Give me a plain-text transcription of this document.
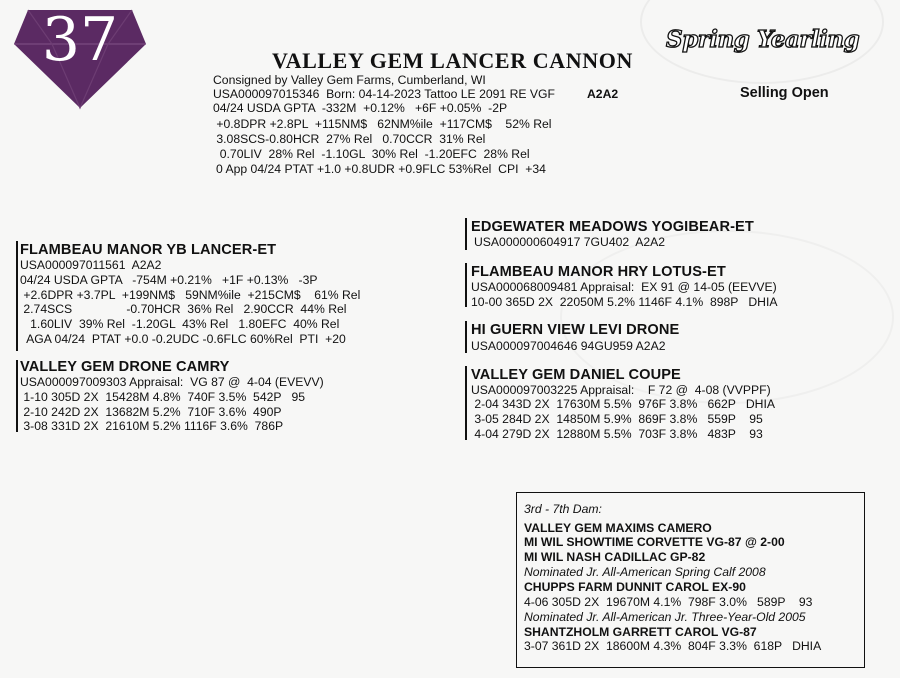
37	VALLEY GEM LANCER CANNON
Spring Yearling
Selling Open
Consigned by Valley Gem Farms, Cumberland, WI
USA000097015346  Born: 04-14-2023 Tattoo LE 2091 RE VGF	A2A2
04/24 USDA GPTA  -332M  +0.12%   +6F +0.05%  -2P
+0.8DPR +2.8PL  +115NM$   62NM%ile  +117CM$    52% Rel
3.08SCS-0.80HCR  27% Rel   0.70CCR  31% Rel
0.70LIV  28% Rel  -1.10GL  30% Rel  -1.20EFC  28% Rel
0 App 04/24 PTAT +1.0 +0.8UDR +0.9FLC 53%Rel  CPI  +34
FLAMBEAU MANOR YB LANCER-ET
USA000097011561  A2A2
04/24 USDA GPTA   -754M +0.21%   +1F +0.13%   -3P
+2.6DPR +3.7PL  +199NM$   59NM%ile  +215CM$    61% Rel
2.74SCS                -0.70HCR  36% Rel   2.90CCR  44% Rel
1.60LIV  39% Rel  -1.20GL  43% Rel   1.80EFC  40% Rel
AGA 04/24  PTAT +0.0 -0.2UDC -0.6FLC 60%Rel  PTI  +20
VALLEY GEM DRONE CAMRY
USA000097009303 Appraisal:  VG 87 @  4-04 (EVEVV)
1-10 305D 2X  15428M 4.8%  740F 3.5%  542P   95
2-10 242D 2X  13682M 5.2%  710F 3.6%  490P
3-08 331D 2X  21610M 5.2% 1116F 3.6%  786P
EDGEWATER MEADOWS YOGIBEAR-ET
USA000000604917 7GU402  A2A2
FLAMBEAU MANOR HRY LOTUS-ET
USA000068009481 Appraisal:  EX 91 @ 14-05 (EEVVE)
10-00 365D 2X  22050M 5.2% 1146F 4.1%  898P   DHIA
HI GUERN VIEW LEVI DRONE
USA000097004646 94GU959 A2A2
VALLEY GEM DANIEL COUPE
USA000097003225 Appraisal:    F 72 @  4-08 (VVPPF)
2-04 343D 2X  17630M 5.5%  976F 3.8%   662P   DHIA
3-05 284D 2X  14850M 5.9%  869F 3.8%   559P    95
4-04 279D 2X  12880M 5.5%  703F 3.8%   483P    93
3rd - 7th Dam:
VALLEY GEM MAXIMS CAMERO
MI WIL SHOWTIME CORVETTE VG-87 @ 2-00
MI WIL NASH CADILLAC GP-82
Nominated Jr. All-American Spring Calf 2008
CHUPPS FARM DUNNIT CAROL EX-90
4-06 305D 2X  19670M 4.1%  798F 3.0%   589P    93
Nominated Jr. All-American Jr. Three-Year-Old 2005
SHANTZHOLM GARRETT CAROL VG-87
3-07 361D 2X  18600M 4.3%  804F 3.3%  618P   DHIA
